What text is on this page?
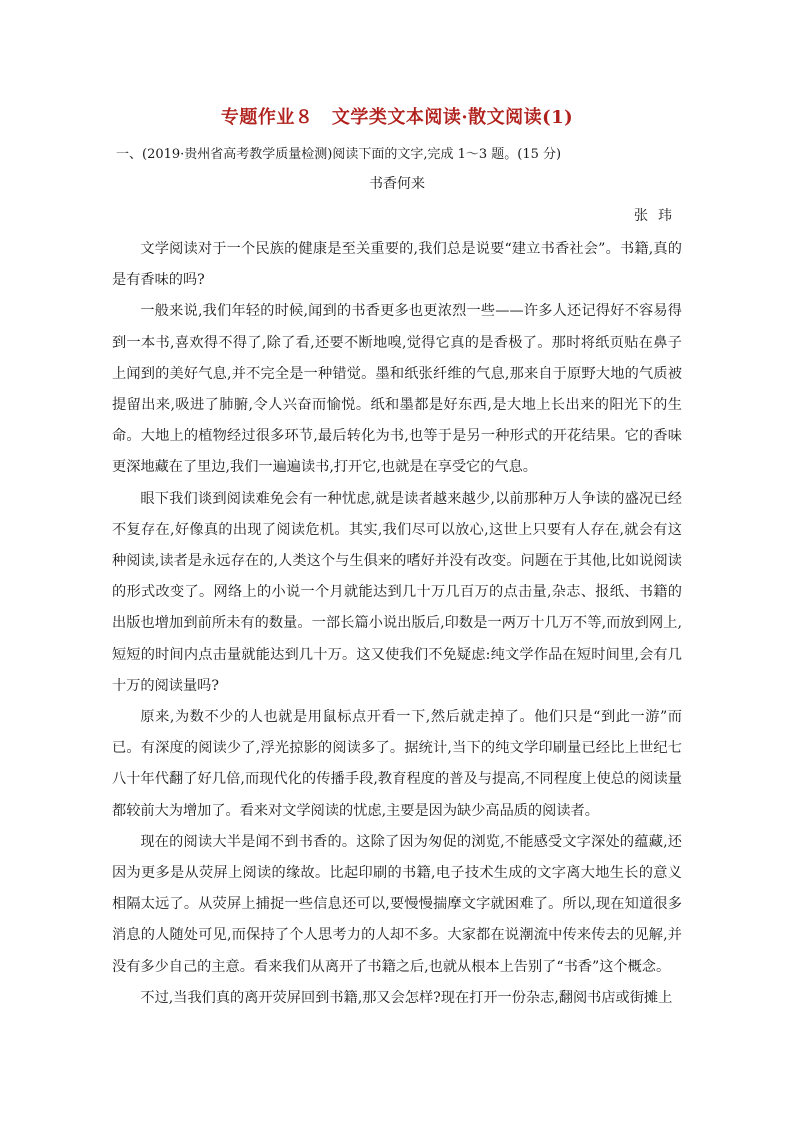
专题作业８　文学类文本阅读·散文阅读(1)
一、(2019·贵州省高考教学质量检测)阅读下面的文字,完成 1～3 题。(15 分)
书香何来
张玮

文学阅读对于一个民族的健康是至关重要的,我们总是说要“建立书香社会”。书籍,真的是有香味的吗?

一般来说,我们年轻的时候,闻到的书香更多也更浓烈一些——许多人还记得好不容易得到一本书,喜欢得不得了,除了看,还要不断地嗅,觉得它真的是香极了。那时将纸页贴在鼻子上闻到的美好气息,并不完全是一种错觉。墨和纸张纤维的气息,那来自于原野大地的气质被提留出来,吸进了肺腑,令人兴奋而愉悦。纸和墨都是好东西,是大地上长出来的阳光下的生命。大地上的植物经过很多环节,最后转化为书,也等于是另一种形式的开花结果。它的香味更深地藏在了里边,我们一遍遍读书,打开它,也就是在享受它的气息。

眼下我们谈到阅读难免会有一种忧虑,就是读者越来越少,以前那种万人争读的盛况已经不复存在,好像真的出现了阅读危机。其实,我们尽可以放心,这世上只要有人存在,就会有这种阅读,读者是永远存在的,人类这个与生俱来的嗜好并没有改变。问题在于其他,比如说阅读的形式改变了。网络上的小说一个月就能达到几十万几百万的点击量,杂志、报纸、书籍的出版也增加到前所未有的数量。一部长篇小说出版后,印数是一两万十几万不等,而放到网上,短短的时间内点击量就能达到几十万。这又使我们不免疑虑:纯文学作品在短时间里,会有几十万的阅读量吗?

原来,为数不少的人也就是用鼠标点开看一下,然后就走掉了。他们只是“到此一游”而已。有深度的阅读少了,浮光掠影的阅读多了。据统计,当下的纯文学印刷量已经比上世纪七八十年代翻了好几倍,而现代化的传播手段,教育程度的普及与提高,不同程度上使总的阅读量都较前大为增加了。看来对文学阅读的忧虑,主要是因为缺少高品质的阅读者。

现在的阅读大半是闻不到书香的。这除了因为匆促的浏览,不能感受文字深处的蕴藏,还因为更多是从荧屏上阅读的缘故。比起印刷的书籍,电子技术生成的文字离大地生长的意义相隔太远了。从荧屏上捕捉一些信息还可以,要慢慢揣摩文字就困难了。所以,现在知道很多消息的人随处可见,而保持了个人思考力的人却不多。大家都在说潮流中传来传去的见解,并没有多少自己的主意。看来我们从离开了书籍之后,也就从根本上告别了“书香”这个概念。

不过,当我们真的离开荧屏回到书籍,那又会怎样?现在打开一份杂志,翻阅书店或街摊上
